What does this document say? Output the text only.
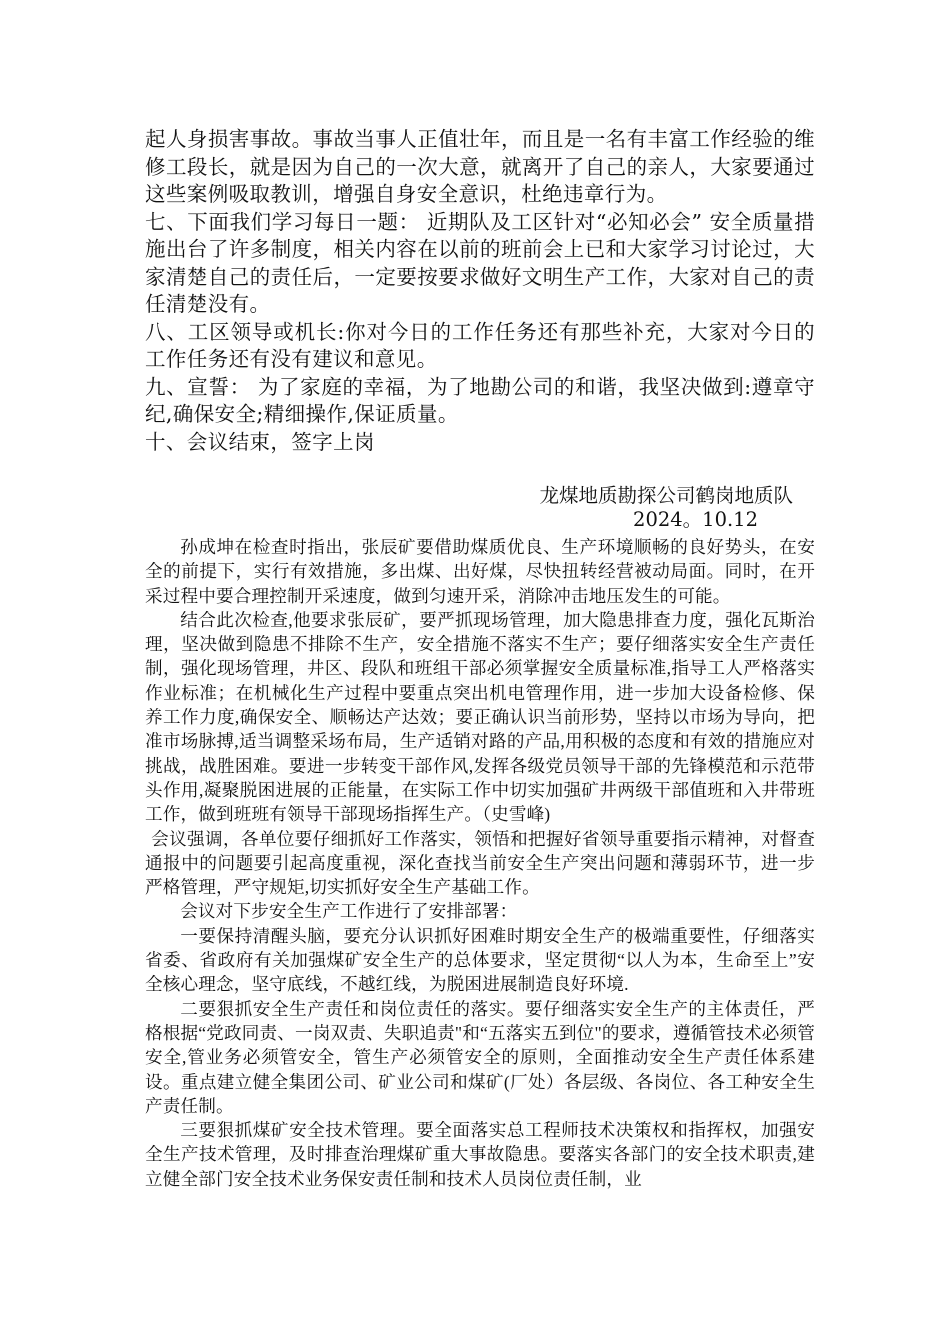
起人身损害事故。事故当事人正值壮年，而且是一名有丰富工作经验的维修工段长，就是因为自己的一次大意，就离开了自己的亲人，大家要通过这些案例吸取教训，增强自身安全意识，杜绝违章行为。

七、下面我们学习每日一题： 近期队及工区针对“必知必会” 安全质量措施出台了许多制度，相关内容在以前的班前会上已和大家学习讨论过，大家清楚自己的责任后，一定要按要求做好文明生产工作，大家对自己的责任清楚没有。

八、工区领导或机长:你对今日的工作任务还有那些补充，大家对今日的工作任务还有没有建议和意见。

九、宣誓： 为了家庭的幸福，为了地勘公司的和谐，我坚决做到:遵章守纪,确保安全;精细操作,保证质量。

十、会议结束，签字上岗

龙煤地质勘探公司鹤岗地质队
2024。10.12

孙成坤在检查时指出，张辰矿要借助煤质优良、生产环境顺畅的良好势头，在安全的前提下，实行有效措施，多出煤、出好煤，尽快扭转经营被动局面。同时，在开采过程中要合理控制开采速度，做到匀速开采，消除冲击地压发生的可能。

结合此次检查,他要求张辰矿，要严抓现场管理，加大隐患排查力度，强化瓦斯治理，坚决做到隐患不排除不生产，安全措施不落实不生产；要仔细落实安全生产责任制，强化现场管理，井区、段队和班组干部必须掌握安全质量标准,指导工人严格落实作业标准；在机械化生产过程中要重点突出机电管理作用，进一步加大设备检修、保养工作力度,确保安全、顺畅达产达效；要正确认识当前形势，坚持以市场为导向，把准市场脉搏,适当调整采场布局，生产适销对路的产品,用积极的态度和有效的措施应对挑战，战胜困难。要进一步转变干部作风,发挥各级党员领导干部的先锋模范和示范带头作用,凝聚脱困进展的正能量，在实际工作中切实加强矿井两级干部值班和入井带班工作，做到班班有领导干部现场指挥生产。（史雪峰)

会议强调，各单位要仔细抓好工作落实，领悟和把握好省领导重要指示精神，对督查通报中的问题要引起高度重视，深化查找当前安全生产突出问题和薄弱环节，进一步严格管理，严守规矩,切实抓好安全生产基础工作。

会议对下步安全生产工作进行了安排部署：

一要保持清醒头脑，要充分认识抓好困难时期安全生产的极端重要性，仔细落实省委、省政府有关加强煤矿安全生产的总体要求，坚定贯彻“以人为本，生命至上”安全核心理念，坚守底线，不越红线，为脱困进展制造良好环境.

二要狠抓安全生产责任和岗位责任的落实。要仔细落实安全生产的主体责任，严格根据“党政同责、一岗双责、失职追责"和“五落实五到位"的要求，遵循管技术必须管安全,管业务必须管安全，管生产必须管安全的原则，全面推动安全生产责任体系建设。重点建立健全集团公司、矿业公司和煤矿(厂处）各层级、各岗位、各工种安全生产责任制。

三要狠抓煤矿安全技术管理。要全面落实总工程师技术决策权和指挥权，加强安全生产技术管理，及时排查治理煤矿重大事故隐患。要落实各部门的安全技术职责,建立健全部门安全技术业务保安责任制和技术人员岗位责任制，业
